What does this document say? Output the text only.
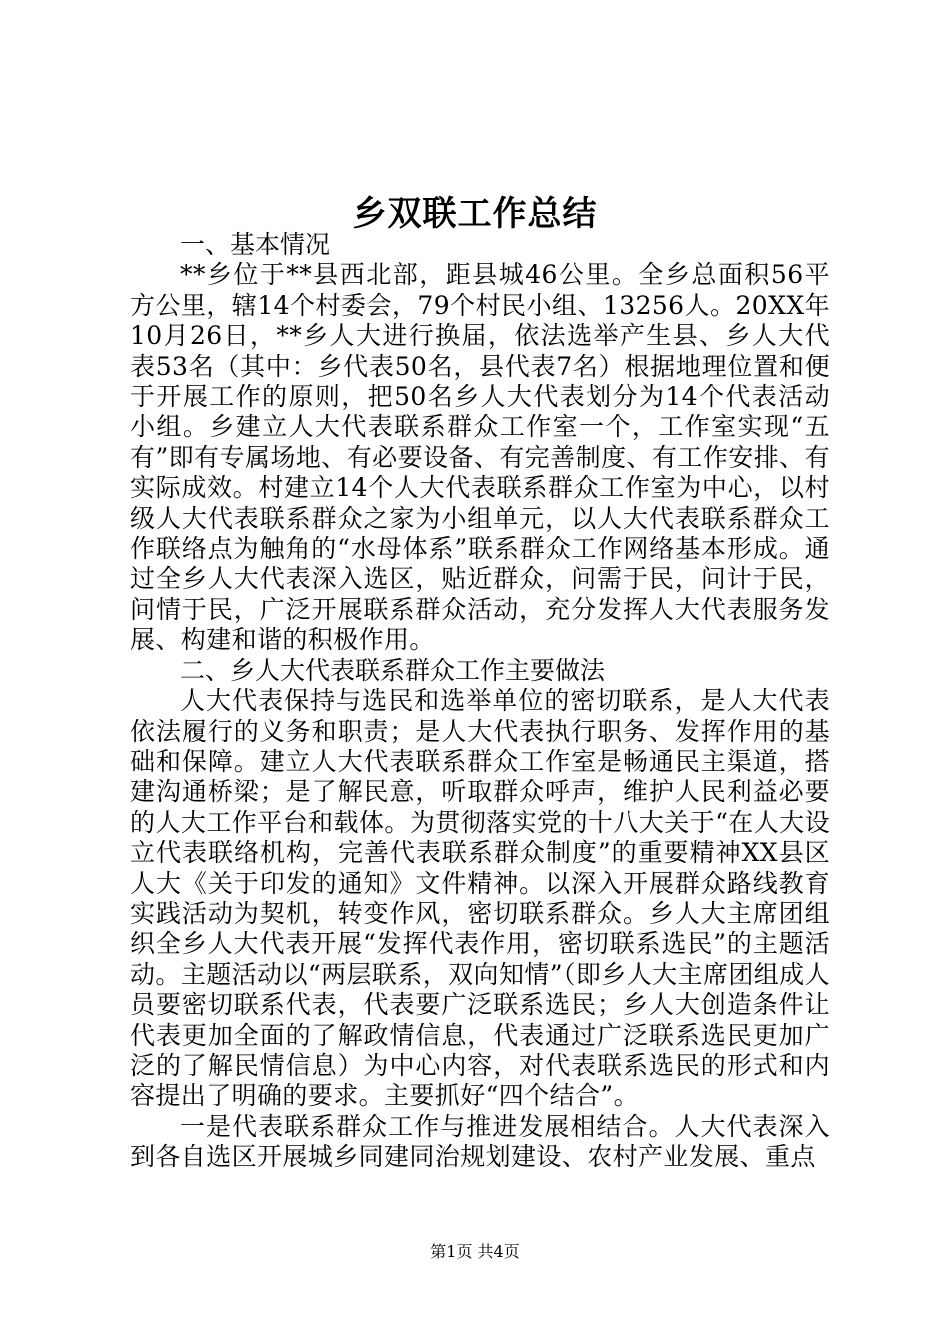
乡双联工作总结

一、基本情况

**乡位于**县西北部，距县城46公里。全乡总面积56平方公里，辖14个村委会，79个村民小组、13256人。20XX年10月26日，**乡人大进行换届，依法选举产生县、乡人大代表53名（其中：乡代表50名，县代表7名）根据地理位置和便于开展工作的原则，把50名乡人大代表划分为14个代表活动小组。乡建立人大代表联系群众工作室一个，工作室实现“五有”即有专属场地、有必要设备、有完善制度、有工作安排、有实际成效。村建立14个人大代表联系群众工作室为中心，以村级人大代表联系群众之家为小组单元，以人大代表联系群众工作联络点为触角的“水母体系”联系群众工作网络基本形成。通过全乡人大代表深入选区，贴近群众，问需于民，问计于民，问情于民，广泛开展联系群众活动，充分发挥人大代表服务发展、构建和谐的积极作用。

二、乡人大代表联系群众工作主要做法

人大代表保持与选民和选举单位的密切联系，是人大代表依法履行的义务和职责；是人大代表执行职务、发挥作用的基础和保障。建立人大代表联系群众工作室是畅通民主渠道，搭建沟通桥梁；是了解民意，听取群众呼声，维护人民利益必要的人大工作平台和载体。为贯彻落实党的十八大关于“在人大设立代表联络机构，完善代表联系群众制度”的重要精神XX县区人大《关于印发的通知》文件精神。以深入开展群众路线教育实践活动为契机，转变作风，密切联系群众。乡人大主席团组织全乡人大代表开展“发挥代表作用，密切联系选民”的主题活动。主题活动以“两层联系，双向知情”（即乡人大主席团组成人员要密切联系代表，代表要广泛联系选民；乡人大创造条件让代表更加全面的了解政情信息，代表通过广泛联系选民更加广泛的了解民情信息）为中心内容，对代表联系选民的形式和内容提出了明确的要求。主要抓好“四个结合”。

一是代表联系群众工作与推进发展相结合。人大代表深入到各自选区开展城乡同建同治规划建设、农村产业发展、重点

第1页 共4页
